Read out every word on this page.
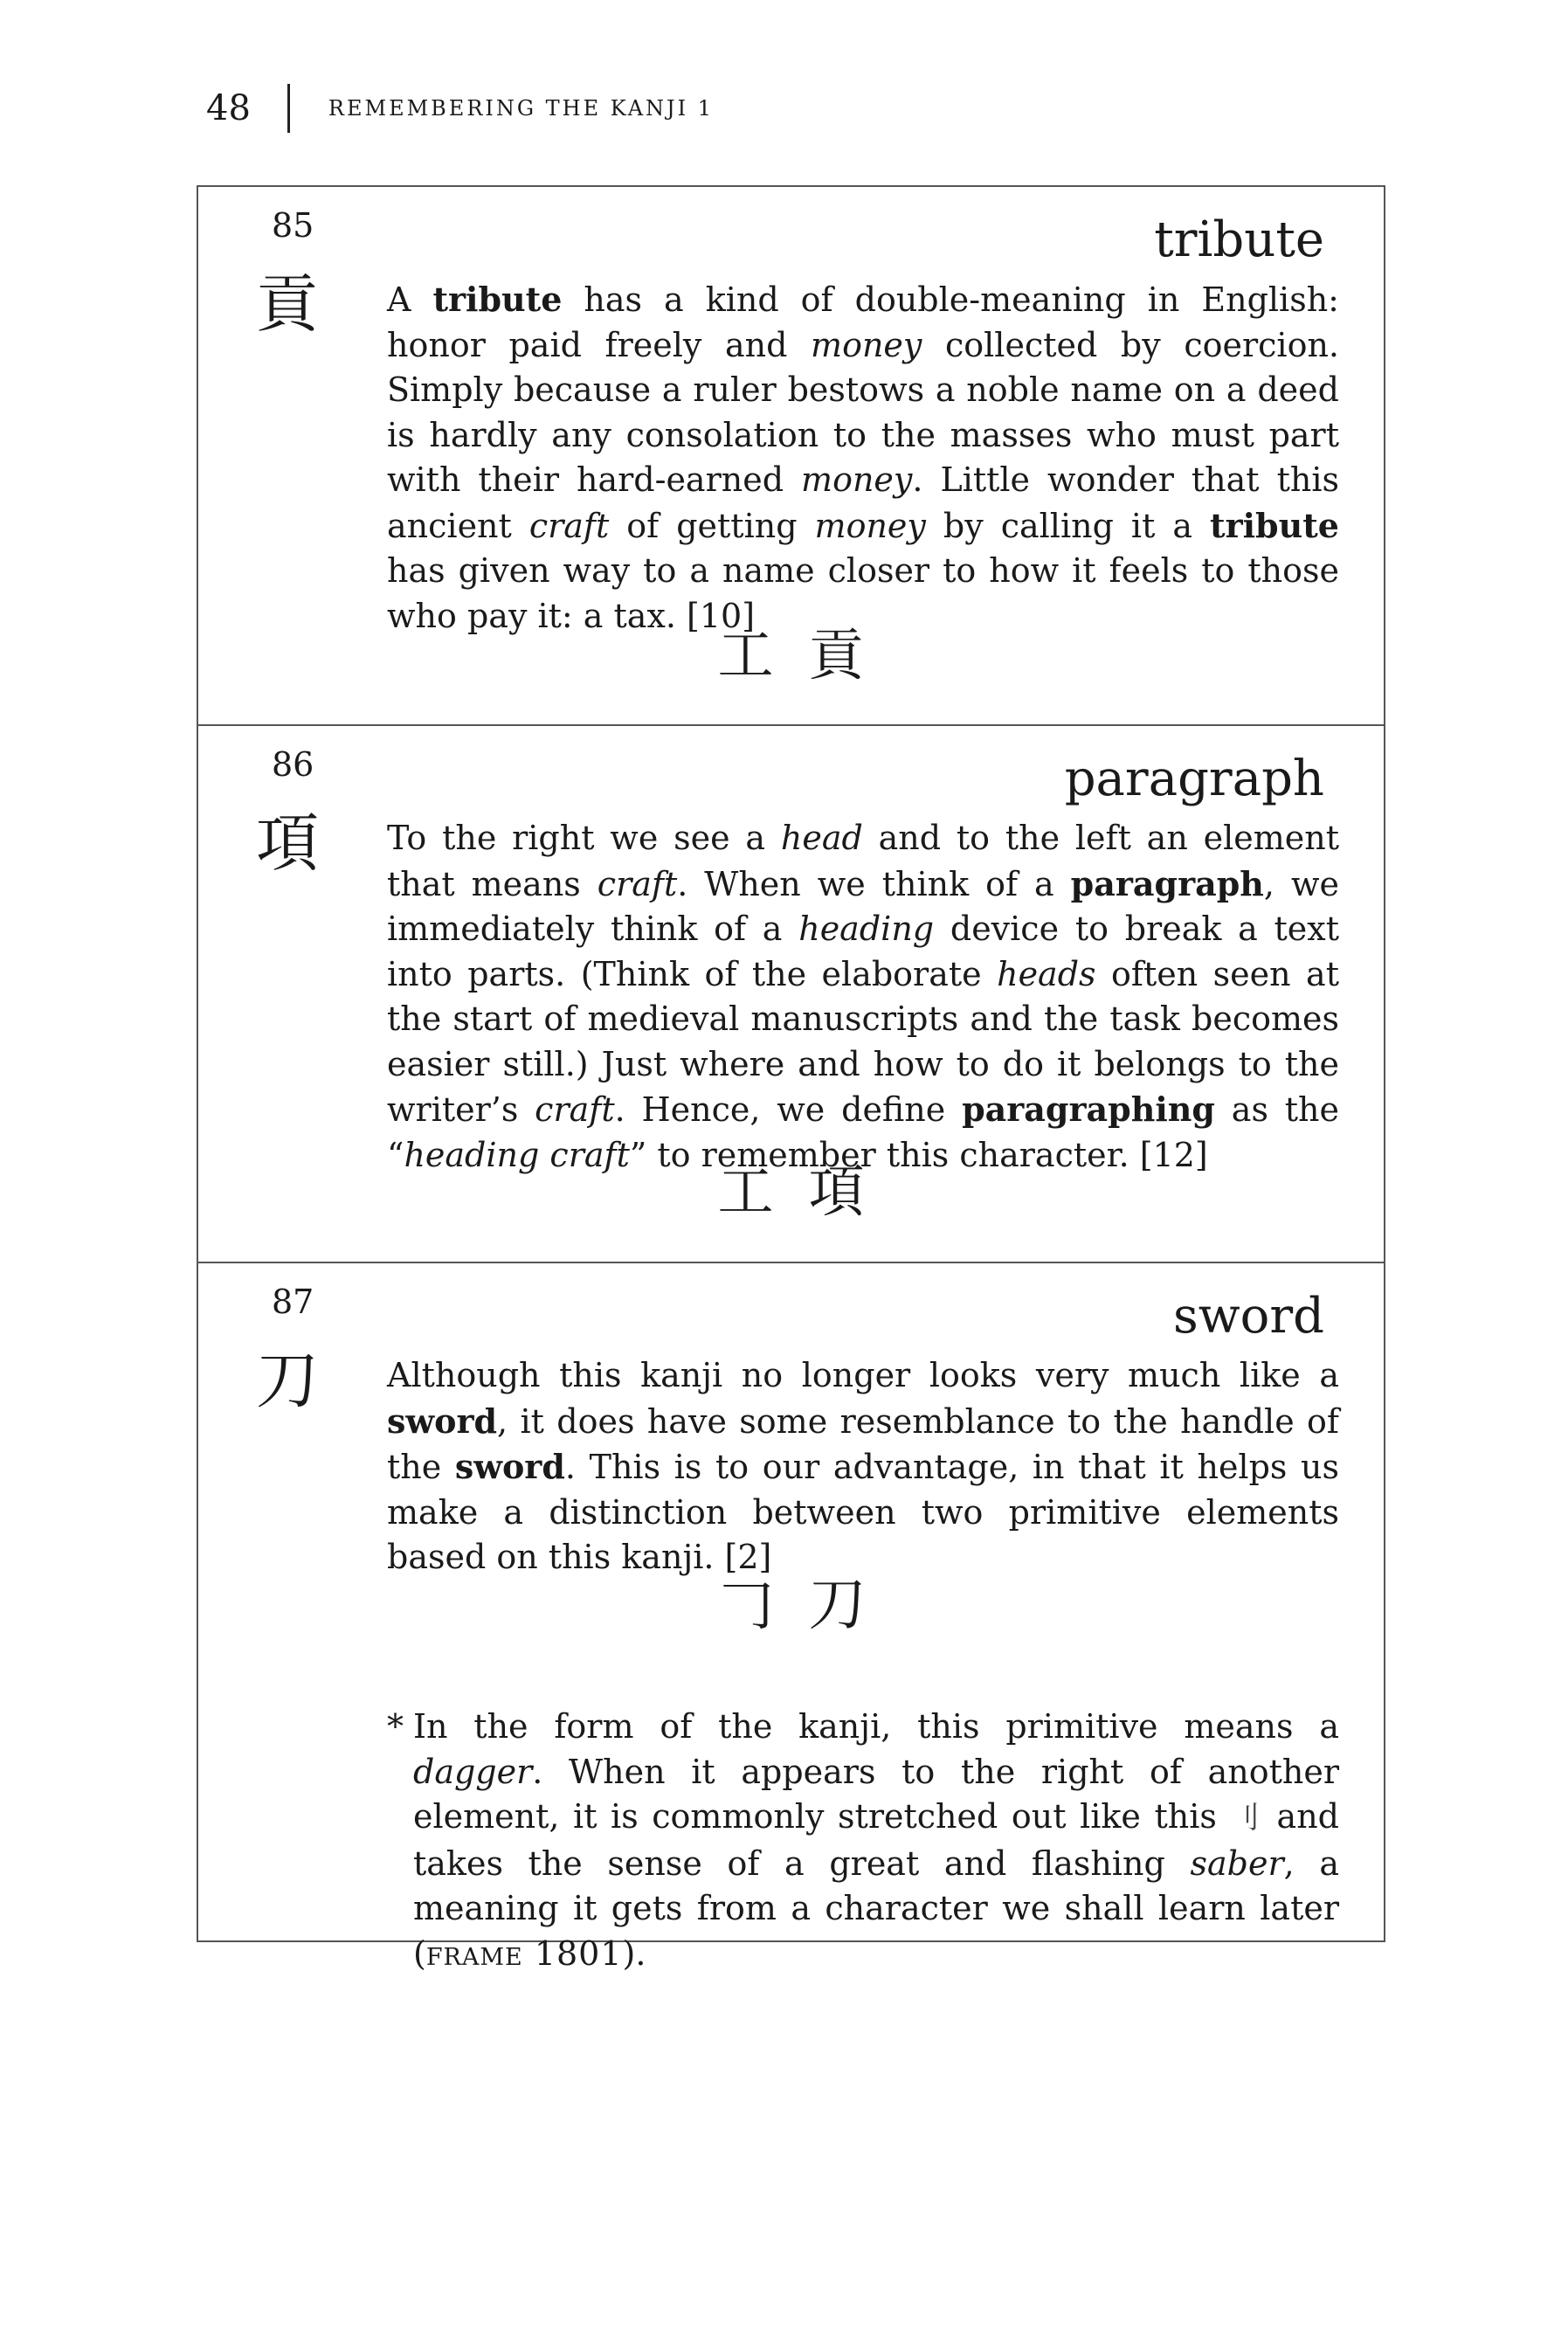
48	REMEMBERING THE KANJI 1
85	tribute
貢 A tribute has a kind of double-meaning in English: honor paid freely and money collected by coercion. Simply because a ruler bestows a noble name on a deed is hardly any consolation to the masses who must part with their hard-earned money. Little wonder that this ancient craft of getting money by calling it a tribute has given way to a name closer to how it feels to those who pay it: a tax. [10]

⼯ 貢
86	paragraph
項 To the right we see a head and to the left an element that means craft. When we think of a paragraph, we immediately think of a heading device to break a text into parts. (Think of the elaborate heads often seen at the start of medieval manuscripts and the task becomes easier still.) Just where and how to do it belongs to the writer’s craft. Hence, we define paragraphing as the “heading craft” to remember this character. [12]

工 項
87	sword
刀 Although this kanji no longer looks very much like a sword, it does have some resemblance to the handle of the sword. This is to our advantage, in that it helps us make a distinction between two primitive elements based on this kanji. [2]

𠃌 刀

* In the form of the kanji, this primitive means a dagger. When it appears to the right of another element, it is commonly stretched out like this 刂 and takes the sense of a great and flashing saber, a meaning it gets from a character we shall learn later (frame 1801).
